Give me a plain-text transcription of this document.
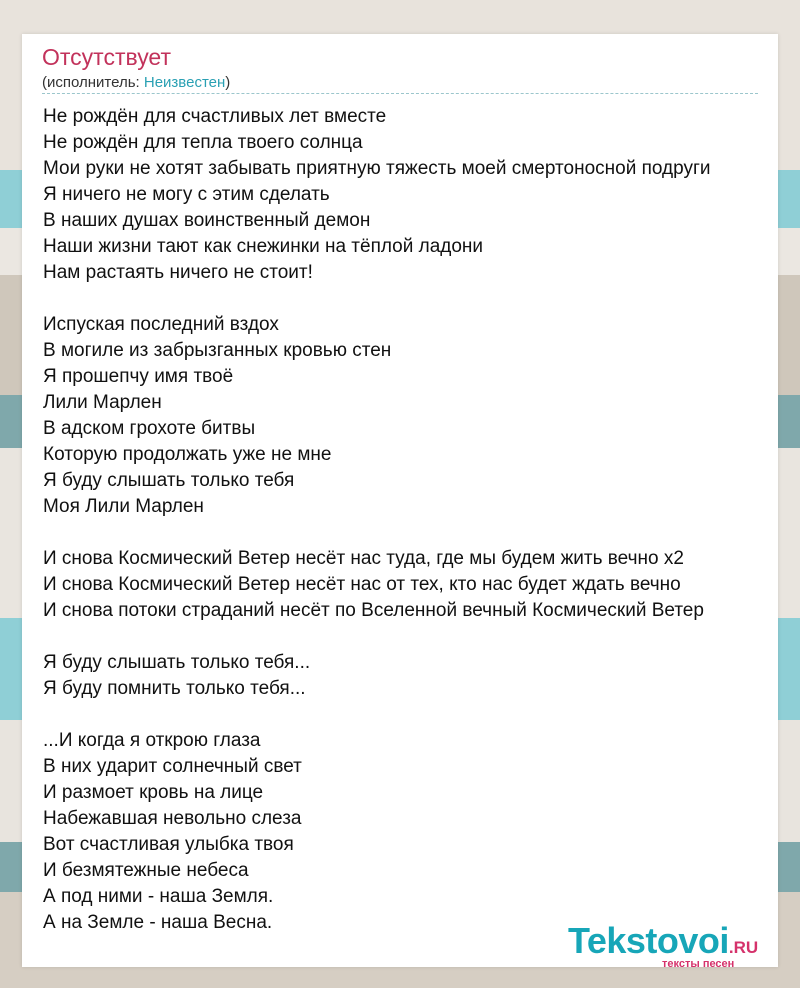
Отсутствует
(исполнитель: Неизвестен)
Не рождён для счастливых лет вместе
Не рождён для тепла твоего солнца
Мои руки не хотят забывать приятную тяжесть моей смертоносной подруги
Я ничего не могу с этим сделать
В наших душах воинственный демон
Наши жизни тают как снежинки на тёплой ладони
Нам растаять ничего не стоит!
Испуская последний вздох
В могиле из забрызганных кровью стен
Я прошепчу имя твоё
Лили Марлен
В адском грохоте битвы
Которую продолжать уже не мне
Я буду слышать только тебя
Моя Лили Марлен
И снова Космический Ветер несёт нас туда, где мы будем жить вечно x2
И снова Космический Ветер несёт нас от тех, кто нас будет ждать вечно
И снова потоки страданий несёт по Вселенной вечный Космический Ветер
Я буду слышать только тебя...
Я буду помнить только тебя...
...И когда я открою глаза
В них ударит солнечный свет
И размоет кровь на лице
Набежавшая невольно слеза
Вот счастливая улыбка твоя
И безмятежные небеса
А под ними - наша Земля.
А на Земле - наша Весна.	Tekstovoi.RU
тексты песен
